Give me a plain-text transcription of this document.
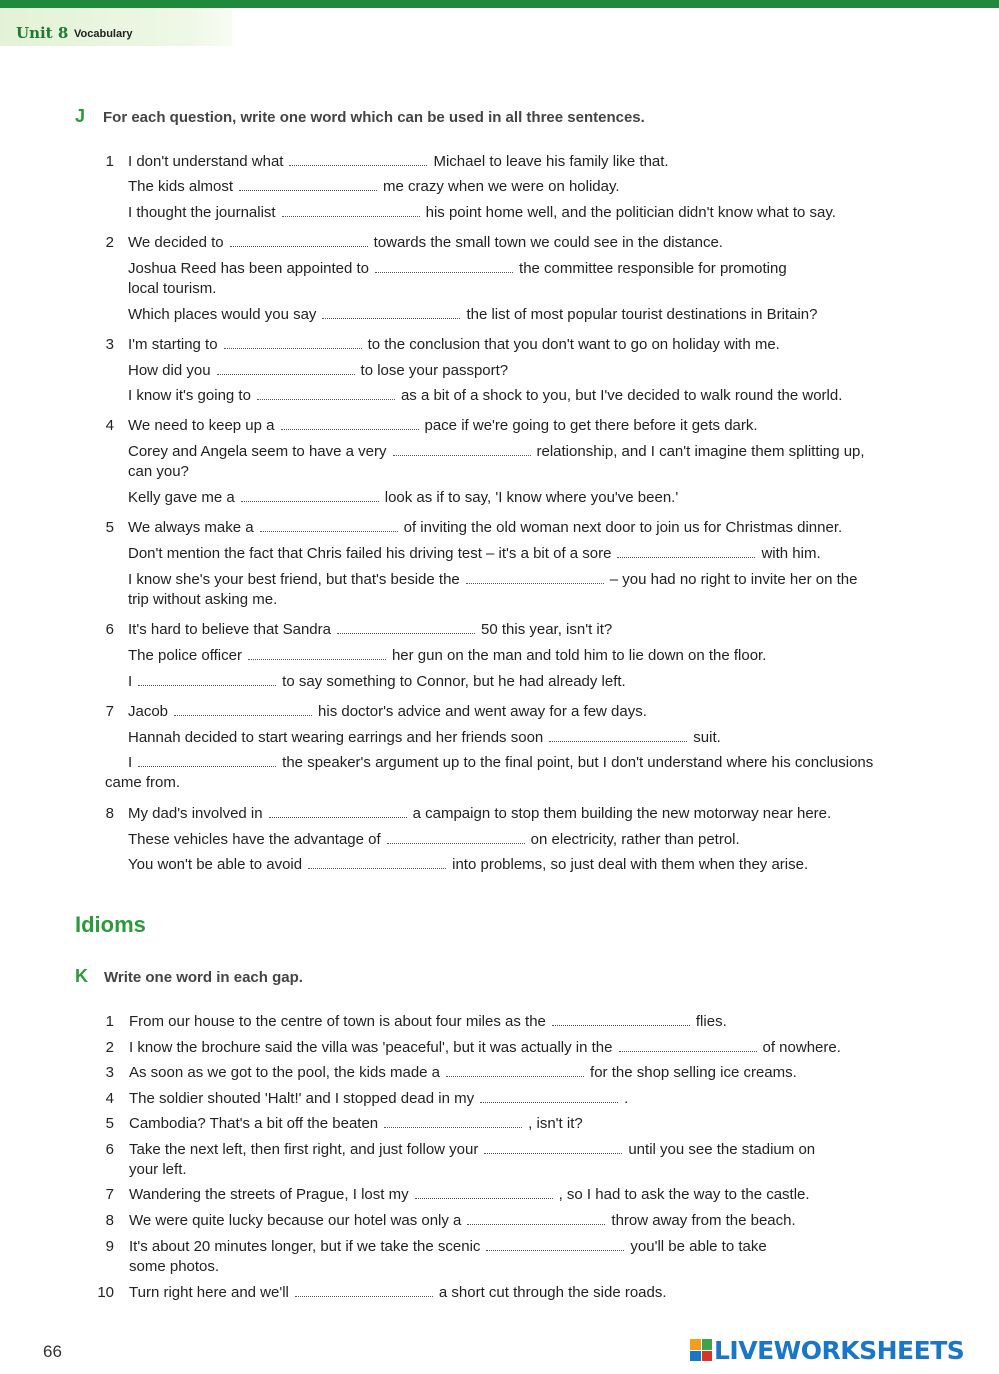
Unit 8 Vocabulary
J For each question, write one word which can be used in all three sentences.
1 I don't understand what	Michael to leave his family like that.
The kids almost	me crazy when we were on holiday.
I thought the journalist	his point home well, and the politician didn't know what to say.
2 We decided to	towards the small town we could see in the distance.
Joshua Reed has been appointed to	the committee responsible for promoting
local tourism.
Which places would you say	the list of most popular tourist destinations in Britain?
3 I'm starting to	to the conclusion that you don't want to go on holiday with me.
How did you	to lose your passport?
I know it's going to	as a bit of a shock to you, but I've decided to walk round the world.
4 We need to keep up a	pace if we're going to get there before it gets dark.
Corey and Angela seem to have a very	relationship, and I can't imagine them splitting up,
can you?
Kelly gave me a	look as if to say, 'I know where you've been.'
5 We always make a	of inviting the old woman next door to join us for Christmas dinner.
Don't mention the fact that Chris failed his driving test – it's a bit of a sore	with him.
I know she's your best friend, but that's beside the	– you had no right to invite her on the
trip without asking me.
6 It's hard to believe that Sandra	50 this year, isn't it?
The police officer	her gun on the man and told him to lie down on the floor.
I	to say something to Connor, but he had already left.
7 Jacob	his doctor's advice and went away for a few days.
Hannah decided to start wearing earrings and her friends soon	suit.
I	the speaker's argument up to the final point, but I don't understand where his conclusions
came from.
8 My dad's involved in	a campaign to stop them building the new motorway near here.
These vehicles have the advantage of	on electricity, rather than petrol.
You won't be able to avoid	into problems, so just deal with them when they arise.
Idioms
K Write one word in each gap.
1 From our house to the centre of town is about four miles as the	flies.
2 I know the brochure said the villa was 'peaceful', but it was actually in the	of nowhere.
3 As soon as we got to the pool, the kids made a	for the shop selling ice creams.
4 The soldier shouted 'Halt!' and I stopped dead in my	.
5 Cambodia? That's a bit off the beaten	, isn't it?
6 Take the next left, then first right, and just follow your	until you see the stadium on
your left.
7 Wandering the streets of Prague, I lost my	, so I had to ask the way to the castle.
8 We were quite lucky because our hotel was only a	throw away from the beach.
9 It's about 20 minutes longer, but if we take the scenic	you'll be able to take
some photos.
10 Turn right here and we'll	a short cut through the side roads.
66	LIVEWORKSHEETS
